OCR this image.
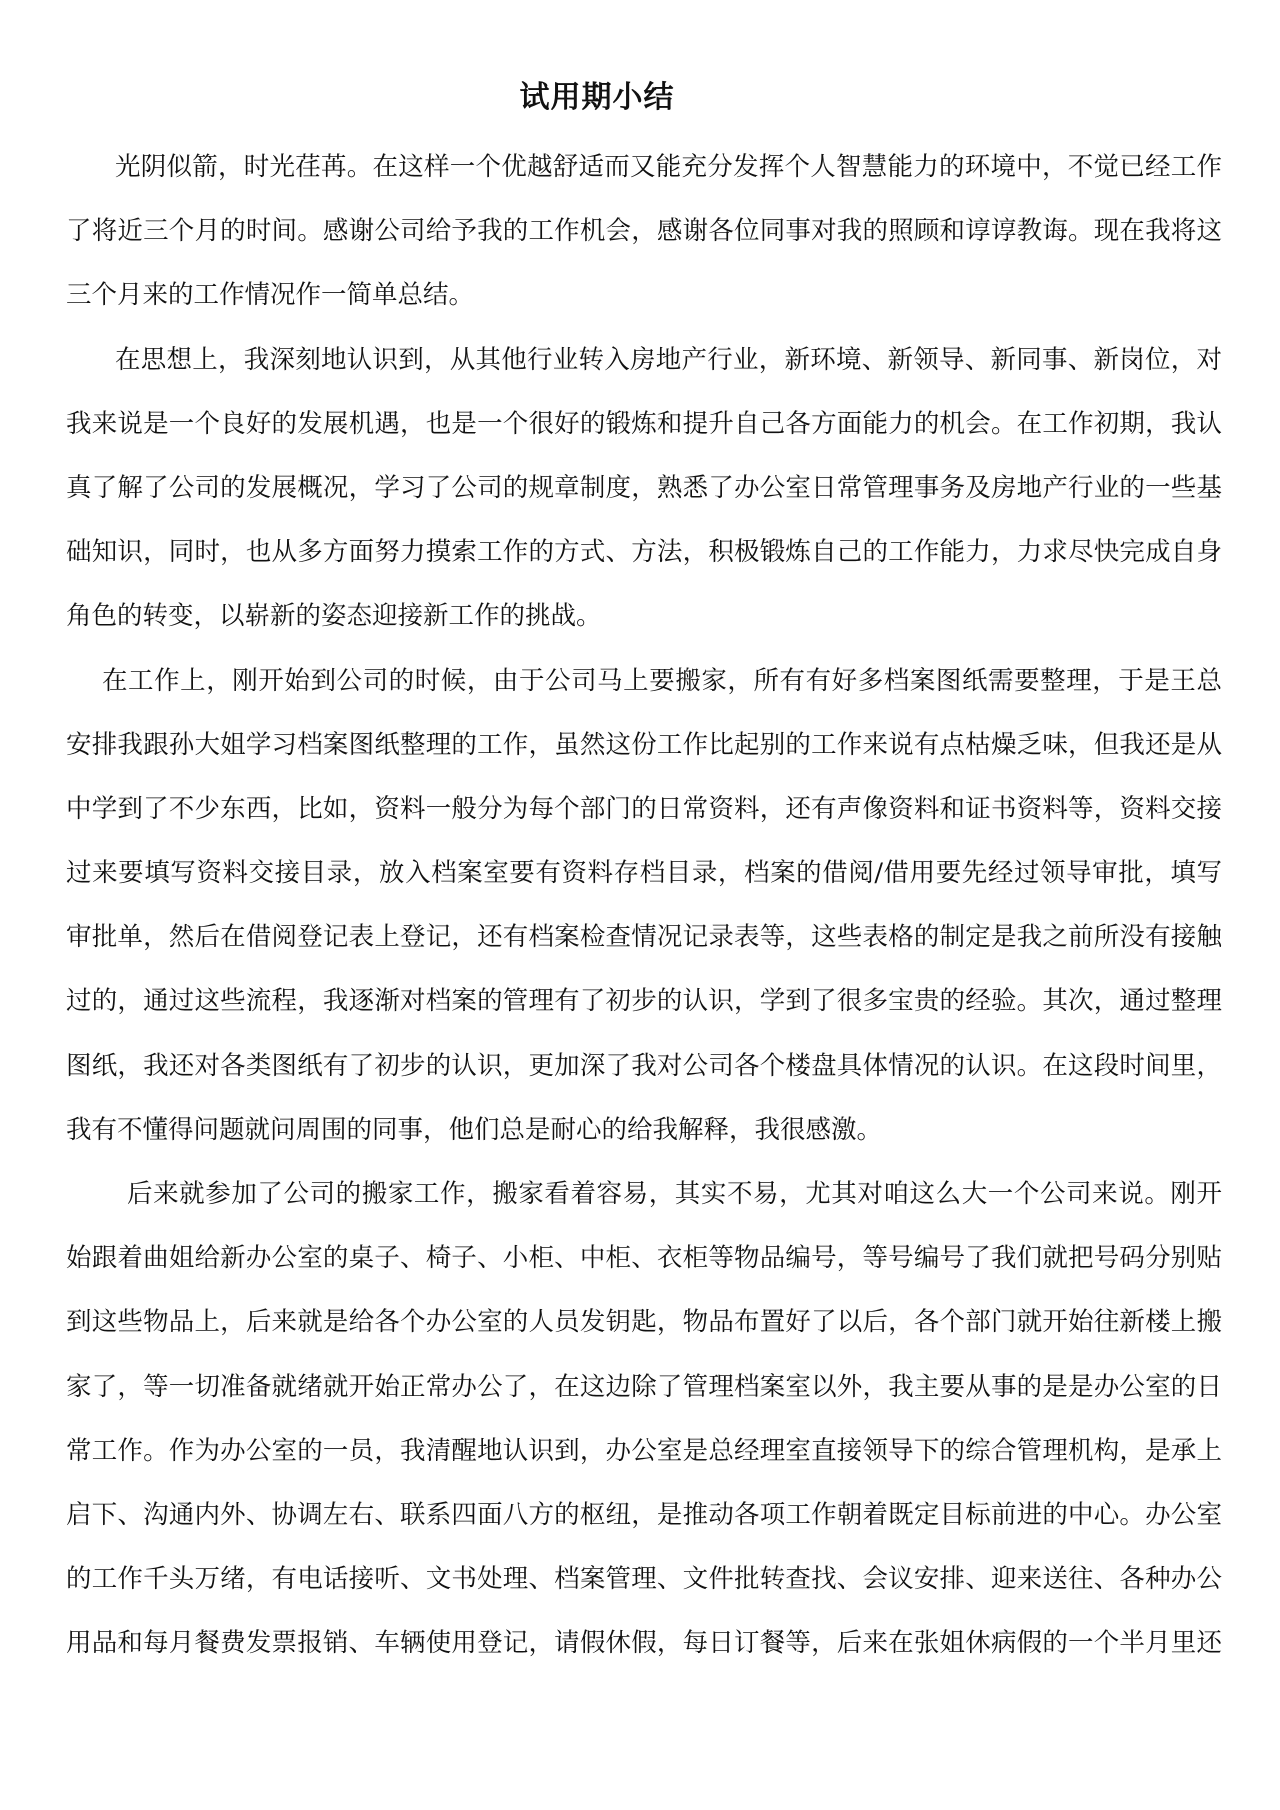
试用期小结
光阴似箭，时光荏苒。在这样一个优越舒适而又能充分发挥个人智慧能力的环境中，不觉已经工作
了将近三个月的时间。感谢公司给予我的工作机会，感谢各位同事对我的照顾和谆谆教诲。现在我将这
三个月来的工作情况作一简单总结。
在思想上，我深刻地认识到，从其他行业转入房地产行业，新环境、新领导、新同事、新岗位，对
我来说是一个良好的发展机遇，也是一个很好的锻炼和提升自己各方面能力的机会。在工作初期，我认
真了解了公司的发展概况，学习了公司的规章制度，熟悉了办公室日常管理事务及房地产行业的一些基
础知识，同时，也从多方面努力摸索工作的方式、方法，积极锻炼自己的工作能力，力求尽快完成自身
角色的转变，以崭新的姿态迎接新工作的挑战。
在工作上，刚开始到公司的时候，由于公司马上要搬家，所有有好多档案图纸需要整理，于是王总
安排我跟孙大姐学习档案图纸整理的工作，虽然这份工作比起别的工作来说有点枯燥乏味，但我还是从
中学到了不少东西，比如，资料一般分为每个部门的日常资料，还有声像资料和证书资料等，资料交接
过来要填写资料交接目录，放入档案室要有资料存档目录，档案的借阅/借用要先经过领导审批，填写
审批单，然后在借阅登记表上登记，还有档案检查情况记录表等，这些表格的制定是我之前所没有接触
过的，通过这些流程，我逐渐对档案的管理有了初步的认识，学到了很多宝贵的经验。其次，通过整理
图纸，我还对各类图纸有了初步的认识，更加深了我对公司各个楼盘具体情况的认识。在这段时间里，
我有不懂得问题就问周围的同事，他们总是耐心的给我解释，我很感激。
后来就参加了公司的搬家工作，搬家看着容易，其实不易，尤其对咱这么大一个公司来说。刚开
始跟着曲姐给新办公室的桌子、椅子、小柜、中柜、衣柜等物品编号，等号编号了我们就把号码分别贴
到这些物品上，后来就是给各个办公室的人员发钥匙，物品布置好了以后，各个部门就开始往新楼上搬
家了，等一切准备就绪就开始正常办公了，在这边除了管理档案室以外，我主要从事的是是办公室的日
常工作。作为办公室的一员，我清醒地认识到，办公室是总经理室直接领导下的综合管理机构，是承上
启下、沟通内外、协调左右、联系四面八方的枢纽，是推动各项工作朝着既定目标前进的中心。办公室
的工作千头万绪，有电话接听、文书处理、档案管理、文件批转查找、会议安排、迎来送往、各种办公
用品和每月餐费发票报销、车辆使用登记，请假休假，每日订餐等，后来在张姐休病假的一个半月里还
